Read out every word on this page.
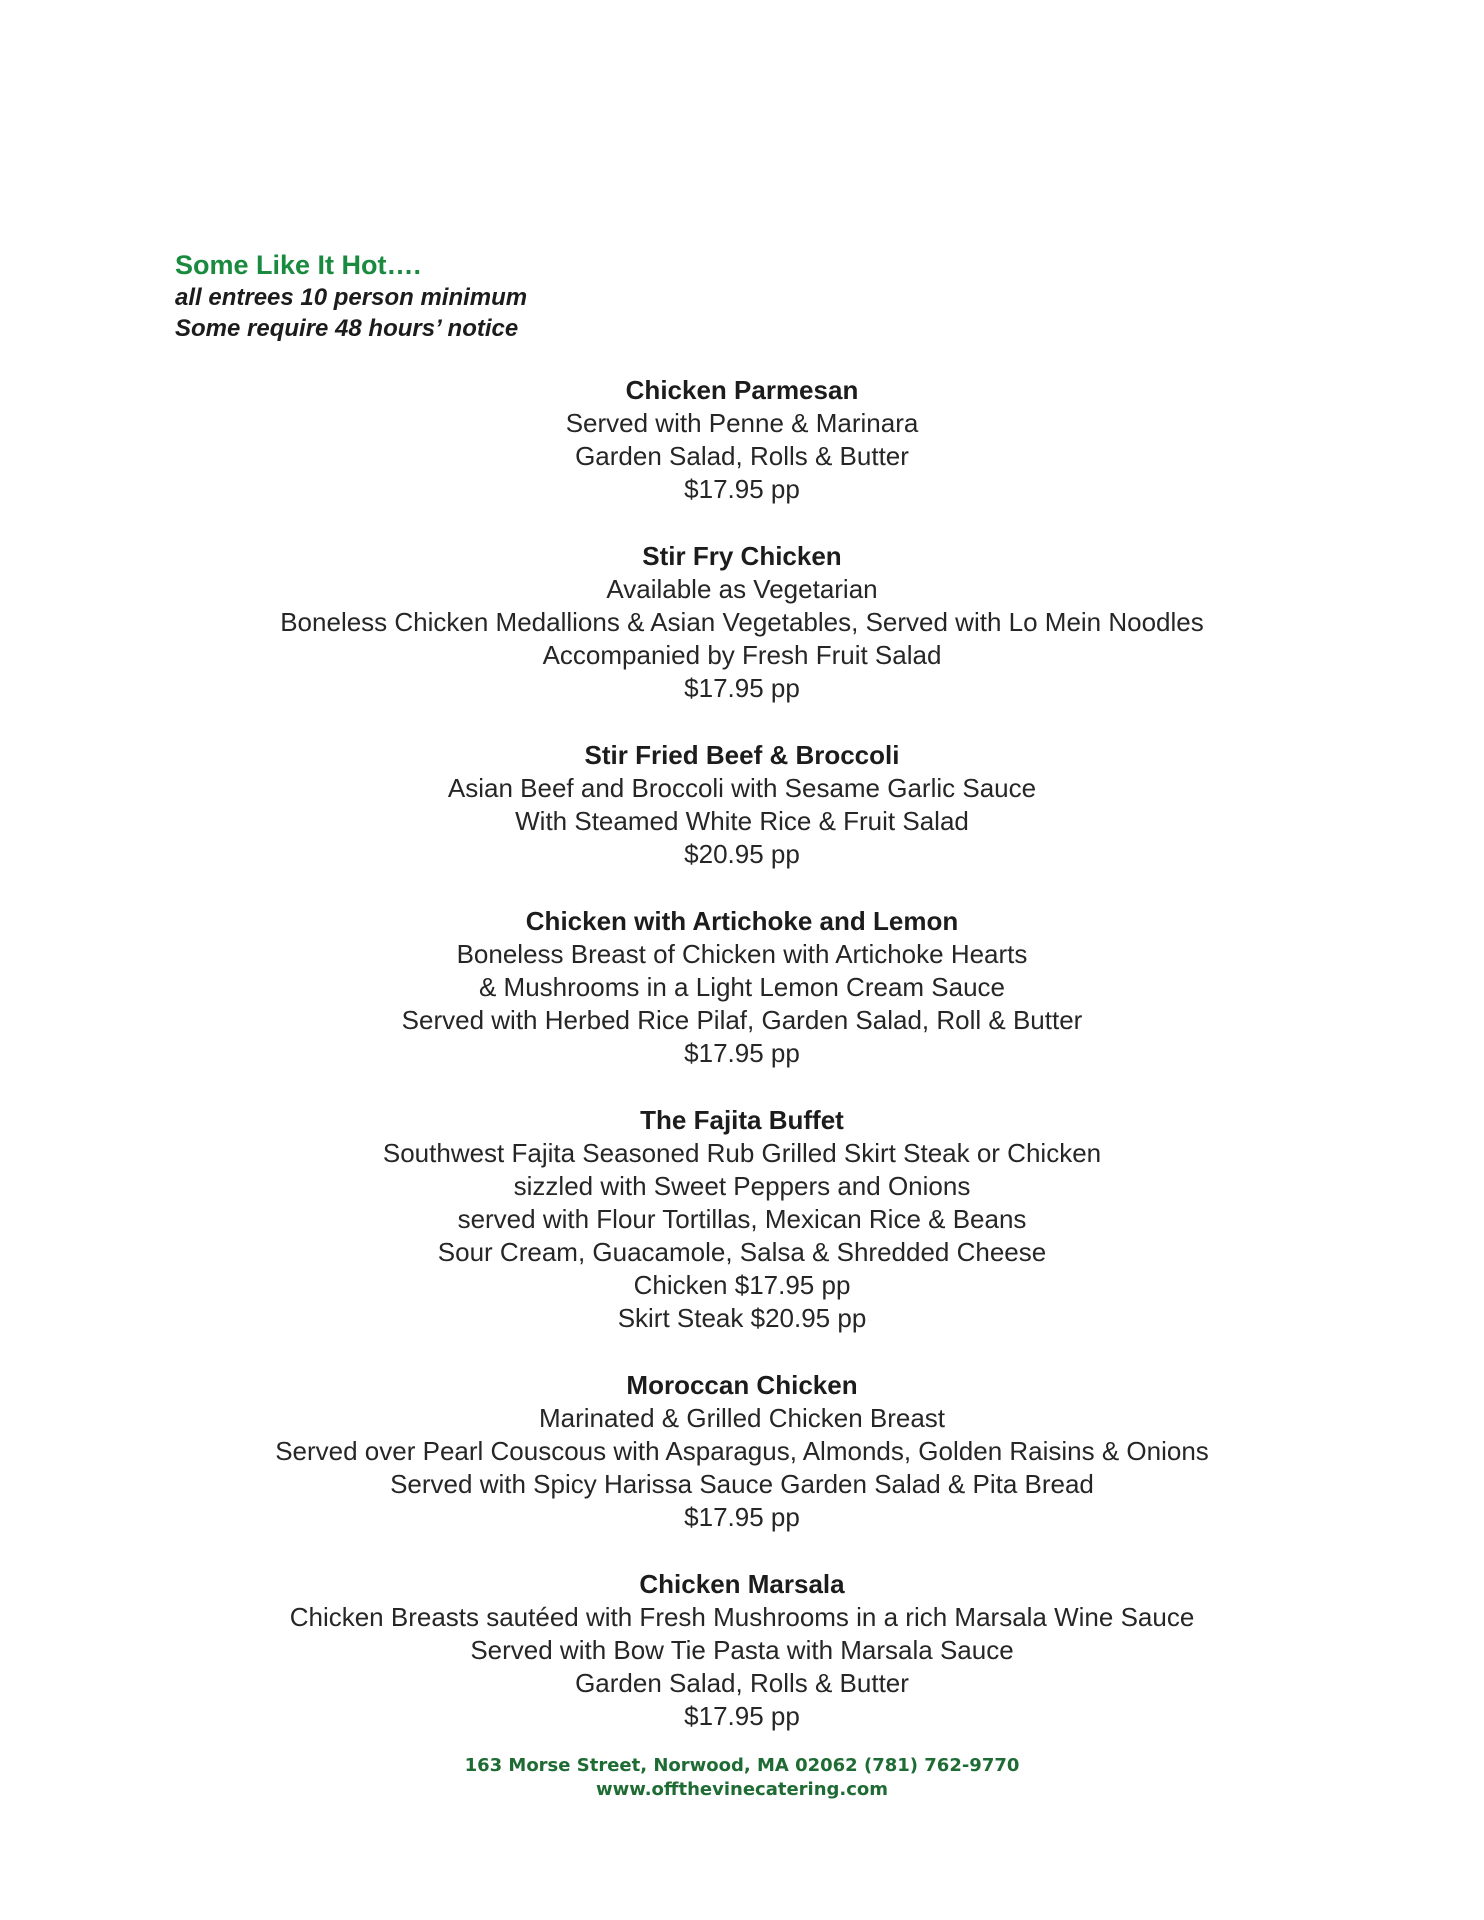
Some Like It Hot….

all entrees 10 person minimum

Some require 48 hours’ notice

Chicken Parmesan
Served with Penne & Marinara
Garden Salad, Rolls & Butter
$17.95 pp
Stir Fry Chicken
Available as Vegetarian
Boneless Chicken Medallions & Asian Vegetables, Served with Lo Mein Noodles
Accompanied by Fresh Fruit Salad
$17.95 pp
Stir Fried Beef & Broccoli
Asian Beef and Broccoli with Sesame Garlic Sauce
With Steamed White Rice & Fruit Salad
$20.95 pp
Chicken with Artichoke and Lemon
Boneless Breast of Chicken with Artichoke Hearts
& Mushrooms in a Light Lemon Cream Sauce
Served with Herbed Rice Pilaf, Garden Salad, Roll & Butter
$17.95 pp
The Fajita Buffet
Southwest Fajita Seasoned Rub Grilled Skirt Steak or Chicken
sizzled with Sweet Peppers and Onions
served with Flour Tortillas, Mexican Rice & Beans
Sour Cream, Guacamole, Salsa & Shredded Cheese
Chicken $17.95 pp
Skirt Steak $20.95 pp
Moroccan Chicken
Marinated & Grilled Chicken Breast
Served over Pearl Couscous with Asparagus, Almonds, Golden Raisins & Onions
Served with Spicy Harissa Sauce Garden Salad & Pita Bread
$17.95 pp
Chicken Marsala
Chicken Breasts sautéed with Fresh Mushrooms in a rich Marsala Wine Sauce
Served with Bow Tie Pasta with Marsala Sauce
Garden Salad, Rolls & Butter
$17.95 pp
163 Morse Street, Norwood, MA 02062 (781) 762-9770
www.offthevinecatering.com
